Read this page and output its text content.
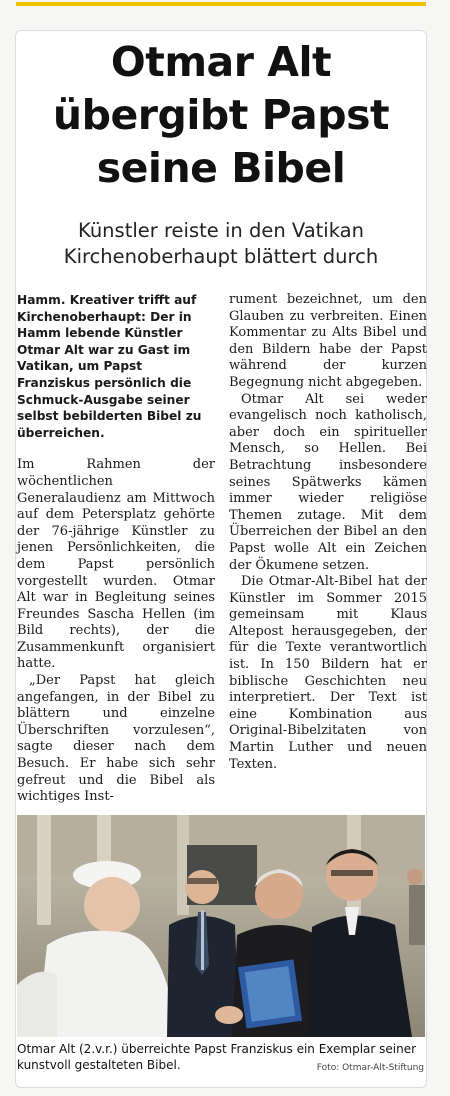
Otmar Alt
übergibt Papst
seine Bibel
Künstler reiste in den Vatikan
Kirchenoberhaupt blättert durch
Hamm. Kreativer trifft auf Kirchenoberhaupt: Der in Hamm lebende Künstler Otmar Alt war zu Gast im Vatikan, um Papst Franziskus persönlich die Schmuck-Ausgabe seiner selbst bebilderten Bibel zu überreichen.

Im Rahmen der wöchentlichen Generalaudienz am Mittwoch auf dem Petersplatz gehörte der 76-jährige Künstler zu jenen Persönlichkeiten, die dem Papst persönlich vorgestellt wurden. Otmar Alt war in Begleitung seines Freundes Sascha Hellen (im Bild rechts), der die Zusammenkunft organisiert hatte.

„Der Papst hat gleich angefangen, in der Bibel zu blättern und einzelne Überschriften vorzulesen“, sagte dieser nach dem Besuch. Er habe sich sehr gefreut und die Bibel als wichtiges Inst-

rument bezeichnet, um den Glauben zu verbreiten. Einen Kommentar zu Alts Bibel und den Bildern habe der Papst während der kurzen Begegnung nicht abgegeben.

Otmar Alt sei weder evangelisch noch katholisch, aber doch ein spiritueller Mensch, so Hellen. Bei Betrachtung insbesondere seines Spätwerks kämen immer wieder religiöse Themen zutage. Mit dem Überreichen der Bibel an den Papst wolle Alt ein Zeichen der Ökumene setzen.

Die Otmar-Alt-Bibel hat der Künstler im Sommer 2015 gemeinsam mit Klaus Altepost herausgegeben, der für die Texte verantwortlich ist. In 150 Bildern hat er biblische Geschichten neu interpretiert. Der Text ist eine Kombination aus Original-Bibelzitaten von Martin Luther und neuen Texten.

Otmar Alt (2.v.r.) überreichte Papst Franziskus ein Exemplar seiner kunstvoll gestalteten Bibel.	Foto: Otmar-Alt-Stiftung
